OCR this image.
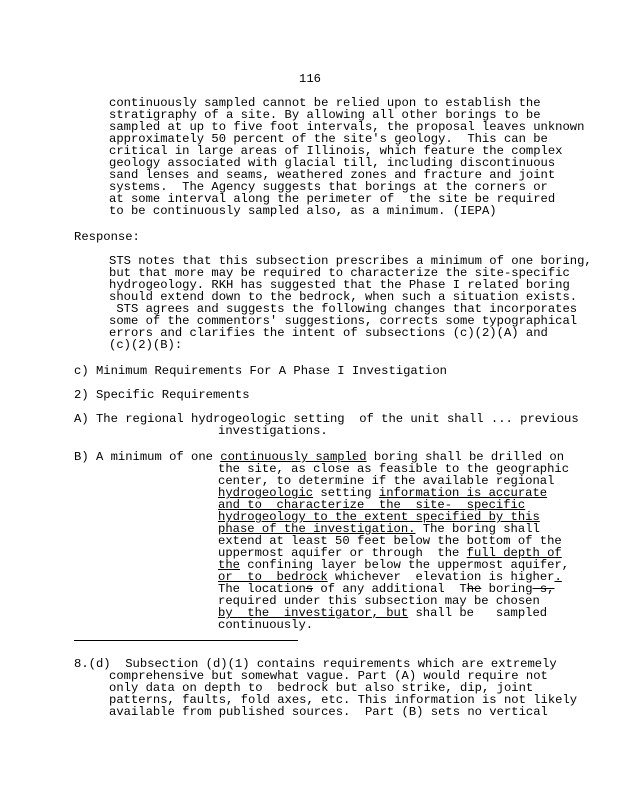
116
continuously sampled cannot be relied upon to establish the
stratigraphy of a site. By allowing all other borings to be
sampled at up to five foot intervals, the proposal leaves unknown
approximately 50 percent of the site's geology.  This can be
critical in large areas of Illinois, which feature the complex
geology associated with glacial till, including discontinuous
sand lenses and seams, weathered zones and fracture and joint
systems.  The Agency suggests that borings at the corners or
at some interval along the perimeter of  the site be required
to be continuously sampled also, as a minimum. (IEPA)
Response:
STS notes that this subsection prescribes a minimum of one boring,
but that more may be required to characterize the site-specific
hydrogeology. RKH has suggested that the Phase I related boring
should extend down to the bedrock, when such a situation exists.
STS agrees and suggests the following changes that incorporates
some of the commentors' suggestions, corrects some typographical
errors and clarifies the intent of subsections (c)(2)(A) and
(c)(2)(B):
c) Minimum Requirements For A Phase I Investigation
2) Specific Requirements
A) The regional hydrogeologic setting  of the unit shall ... previous
investigations.
B) A minimum of one continuously sampled boring shall be drilled on
the site, as close as feasible to the geographic
center, to determine if the available regional
hydrogeologic setting information is accurate
and to  characterize  the  site-  specific
hydrogeology to the extent specified by this
phase of the investigation. The boring shall
extend at least 50 feet below the bottom of the
uppermost aquifer or through  the full depth of
the confining layer below the uppermost aquifer,
or  to  bedrock whichever  elevation is higher.
The locations of any additional  The boring s,
required under this subsection may be chosen
by  the  investigator, but shall be   sampled
continuously.
8.(d)  Subsection (d)(1) contains requirements which are extremely
comprehensive but somewhat vague. Part (A) would require not
only data on depth to  bedrock but also strike, dip, joint
patterns, faults, fold axes, etc. This information is not likely
available from published sources.  Part (B) sets no vertical
